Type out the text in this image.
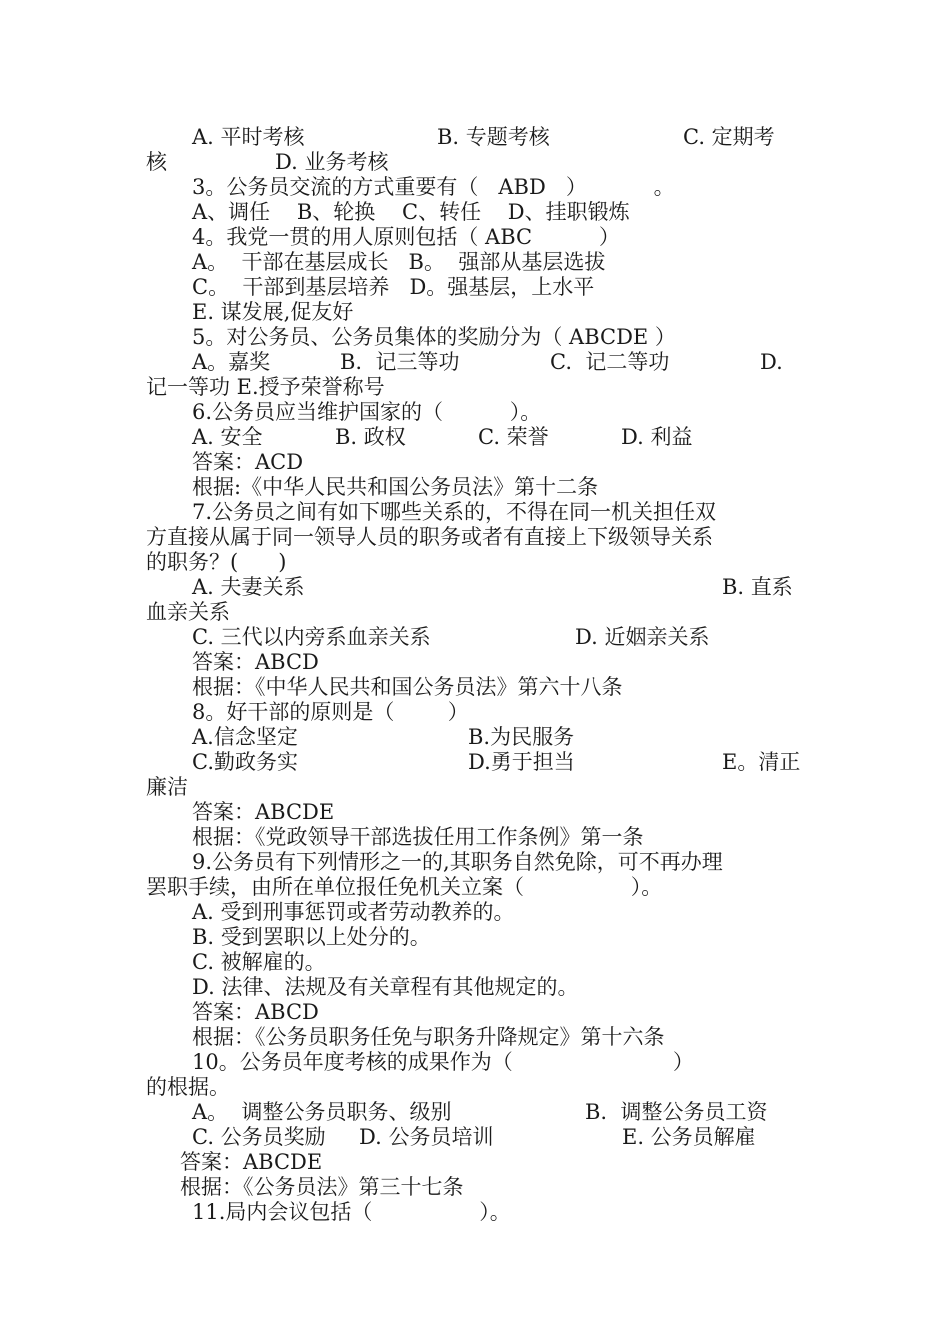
A. 平时考核

	B. 专题考核

	C. 定期考

核

	D. 业务考核

3。公务员交流的方式重要有（   ABD   ）          。

A、调任    B、轮换    C、转任    D、挂职锻炼

4。我党一贯的用人原则包括（ ABC          ）

A。  干部在基层成长   B。  强部从基层选拔

C。  干部到基层培养   D。强基层，上水平

E. 谋发展,促友好

5。对公务员、公务员集体的奖励分为（ ABCDE ）

A。嘉奖

	B.  记三等功

	C.  记二等功

	D.

记一等功 E.授予荣誉称号

6.公务员应当维护国家的（          ）。

A. 安全

	B. 政权

	C. 荣誉

	D. 利益

答案：ACD

根据:《中华人民共和国公务员法》第十二条

7.公务员之间有如下哪些关系的，不得在同一机关担任双

方直接从属于同一领导人员的职务或者有直接上下级领导关系

的职务？(      )

A. 夫妻关系

	B. 直系

血亲关系

C. 三代以内旁系血亲关系

	D. 近姻亲关系

答案：ABCD

根据：《中华人民共和国公务员法》第六十八条

8。好干部的原则是（        ）

A.信念坚定

	B.为民服务

C.勤政务实

	D.勇于担当

	E。清正

廉洁

答案：ABCDE

根据：《党政领导干部选拔任用工作条例》第一条

9.公务员有下列情形之一的,其职务自然免除，可不再办理

罢职手续，由所在单位报任免机关立案（                ）。

A. 受到刑事惩罚或者劳动教养的。

B. 受到罢职以上处分的。

C. 被解雇的。

D. 法律、法规及有关章程有其他规定的。

答案：ABCD

根据：《公务员职务任免与职务升降规定》第十六条

10。公务员年度考核的成果作为（                        ）

的根据。

A。  调整公务员职务、级别

	B.  调整公务员工资

C. 公务员奖励     D. 公务员培训

	E. 公务员解雇

答案：ABCDE

根据：《公务员法》第三十七条

11.局内会议包括（                ）。
